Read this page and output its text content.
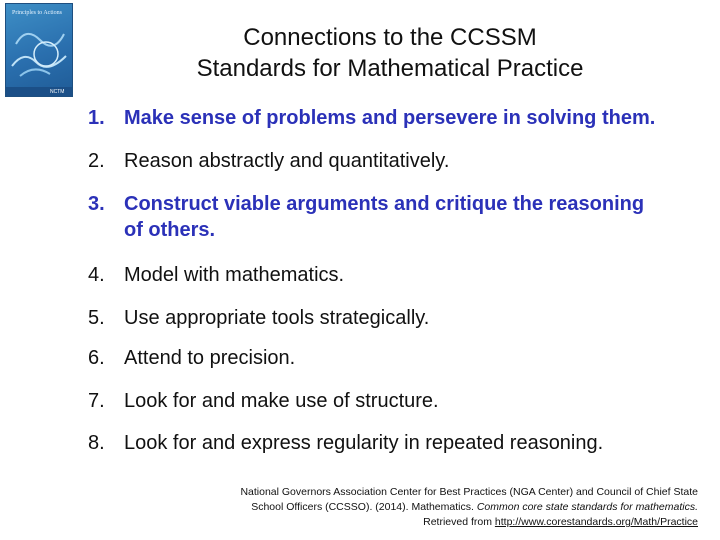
Principles to Actions
NCTM
Connections to the CCSSM
Standards for Mathematical Practice
1. Make sense of problems and persevere in solving them.
2. Reason abstractly and quantitatively.
3. Construct viable arguments and critique the reasoning of others.
4. Model with mathematics.
5. Use appropriate tools strategically.
6. Attend to precision.
7. Look for and make use of structure.
8. Look for and express regularity in repeated reasoning.
National Governors Association Center for Best Practices (NGA Center) and Council of Chief State
School Officers (CCSSO). (2014). Mathematics. Common core state standards for mathematics.
Retrieved from http://www.corestandards.org/Math/Practice
